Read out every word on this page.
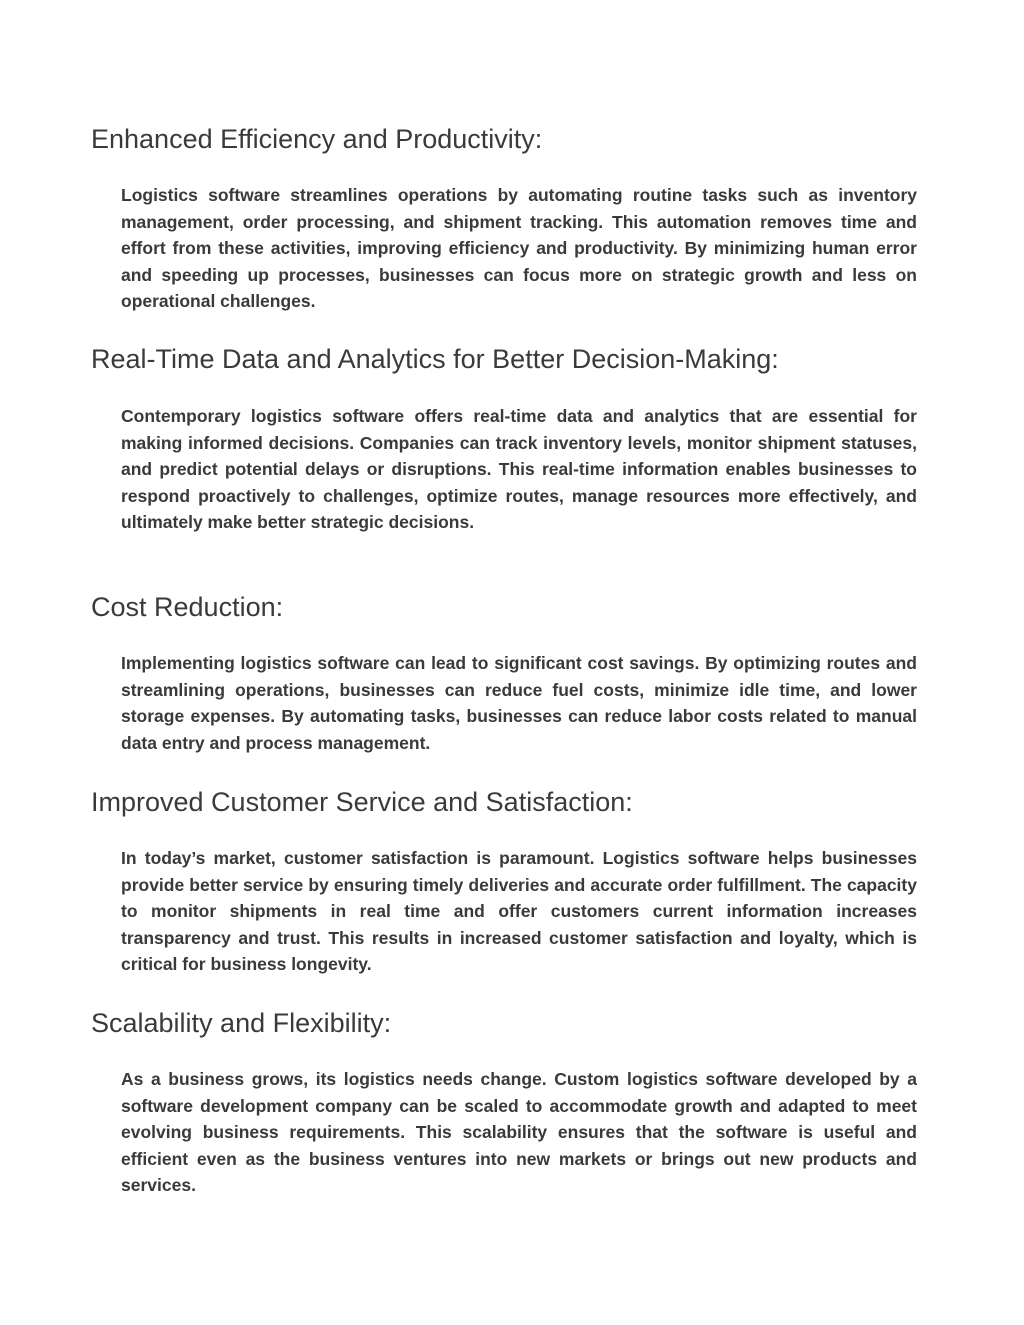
Enhanced Efficiency and Productivity:

Logistics software streamlines operations by automating routine tasks such as inventory management, order processing, and shipment tracking. This automation removes time and effort from these activities, improving efficiency and productivity. By minimizing human error and speeding up processes, businesses can focus more on strategic growth and less on operational challenges.

Real-Time Data and Analytics for Better Decision-Making:

Contemporary logistics software offers real-time data and analytics that are essential for making informed decisions. Companies can track inventory levels, monitor shipment statuses, and predict potential delays or disruptions. This real-time information enables businesses to respond proactively to challenges, optimize routes, manage resources more effectively, and ultimately make better strategic decisions.

Cost Reduction:

Implementing logistics software can lead to significant cost savings. By optimizing routes and streamlining operations, businesses can reduce fuel costs, minimize idle time, and lower storage expenses. By automating tasks, businesses can reduce labor costs related to manual data entry and process management.

Improved Customer Service and Satisfaction:

In today’s market, customer satisfaction is paramount. Logistics software helps businesses provide better service by ensuring timely deliveries and accurate order fulfillment. The capacity to monitor shipments in real time and offer customers current information increases transparency and trust. This results in increased customer satisfaction and loyalty, which is critical for business longevity.

Scalability and Flexibility:

As a business grows, its logistics needs change. Custom logistics software developed by a software development company can be scaled to accommodate growth and adapted to meet evolving business requirements. This scalability ensures that the software is useful and efficient even as the business ventures into new markets or brings out new products and services.
